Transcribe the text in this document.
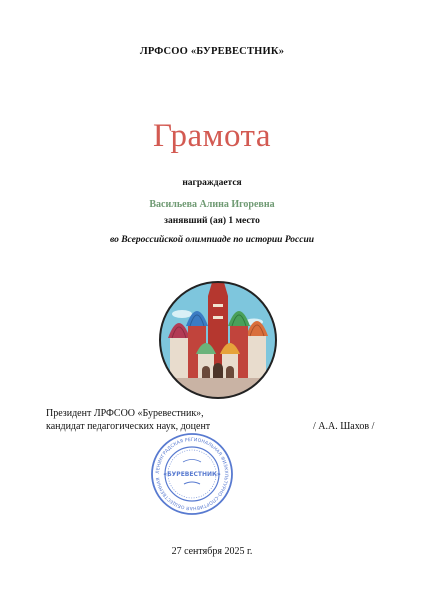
ЛРФСОО «БУРЕВЕСТНИК»
Грамота
награждается
Васильева Алина Игоревна
занявший (ая) 1 место
во Всероссийской олимпиаде по истории России
Президент ЛРФСОО «Буревестник»,
кандидат педагогических наук, доцент	/ А.А. Шахов /
ЛЕНИНГРАДСКАЯ РЕГИОНАЛЬНАЯ ФИЗКУЛЬТУРНО-СПОРТИВНАЯ ОБЩЕСТВЕННАЯ
«БУРЕВЕСТНИК»
27 сентября 2025 г.
